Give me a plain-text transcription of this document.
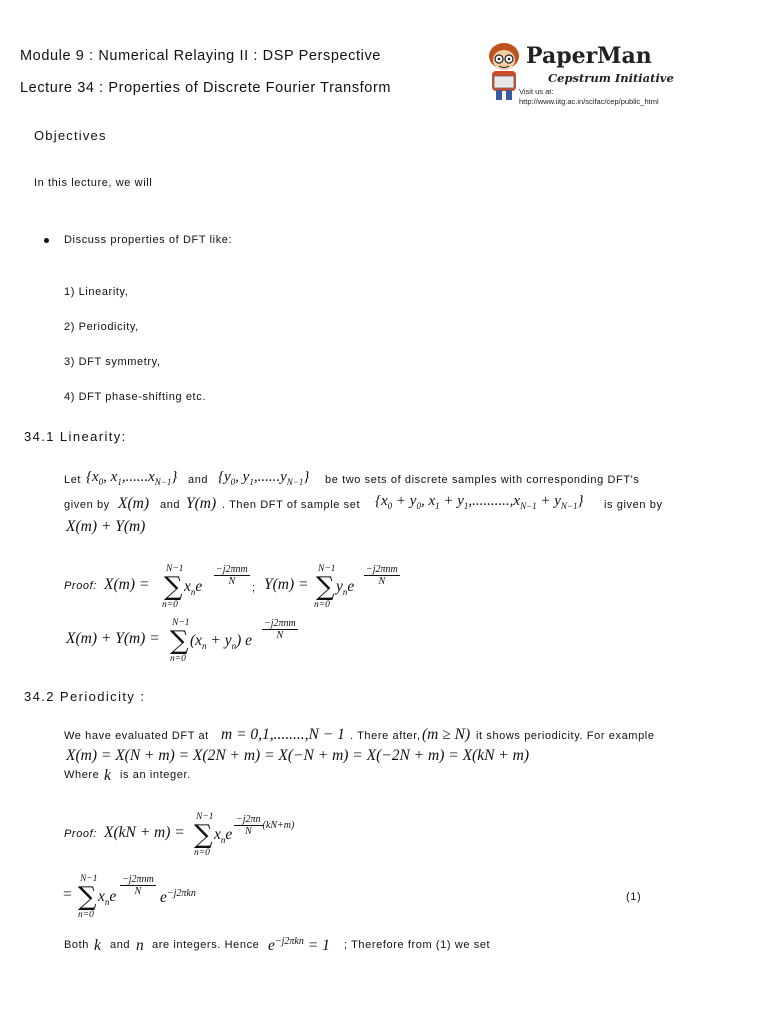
Module 9 : Numerical Relaying II : DSP Perspective
Lecture 34 : Properties of Discrete Fourier Transform
PaperMan
Cepstrum Initiative
Visit us at:
http://www.iitg.ac.in/scifac/cep/public_html
Objectives
In this lecture, we will
Discuss properties of DFT like:
1) Linearity,
2) Periodicity,
3) DFT symmetry,
4) DFT phase-shifting etc.
34.1 Linearity:
Let {$x_0$, $x_1,......x_{N-1}$} and {$y_0$, $y_1,......y_{N-1}$} be two sets of discrete samples with corresponding DFT's
given by X(m) and Y(m) . Then DFT of sample set {$x_0 + y_0$, $x_1 + y_1,..........,x_{N-1} + y_{N-1}$} is given by
X(m) + Y(m)
Proof: X(m) =
N−1
∑
n=0
$x_ne \frac{\text{−j2πnm}}{N}$
; Y(m) =
N−1
∑
n=0
$y_ne \frac{\text{−j2πnm}}{N}$
X(m) + Y(m) =
N−1
∑
n=0
$(x_n + y_n)$ e $\frac{\text{−j2πnm}}{N}$
34.2 Periodicity :
We have evaluated DFT at m = 0,1,........,N − 1 . There after, (m ≥ N) it shows periodicity. For example
X(m) = X(N + m) = X(2N + m) = X(−N + m) = X(−2N + m) = X(kN + m)
Where k is an integer.
Proof: X(kN + m) =
N−1
∑
n=0
$x_ne \frac{-j2\pi n}{N} (kN+m)$
=
N−1
∑
n=0
$x_ne \frac{\text{−j2πnm}}{N}$
$e^{-j2\pi kn}$	(1)
Both k and n are integers. Hence $e^{-j2\pi kn} = 1$ ; Therefore from (1) we set
